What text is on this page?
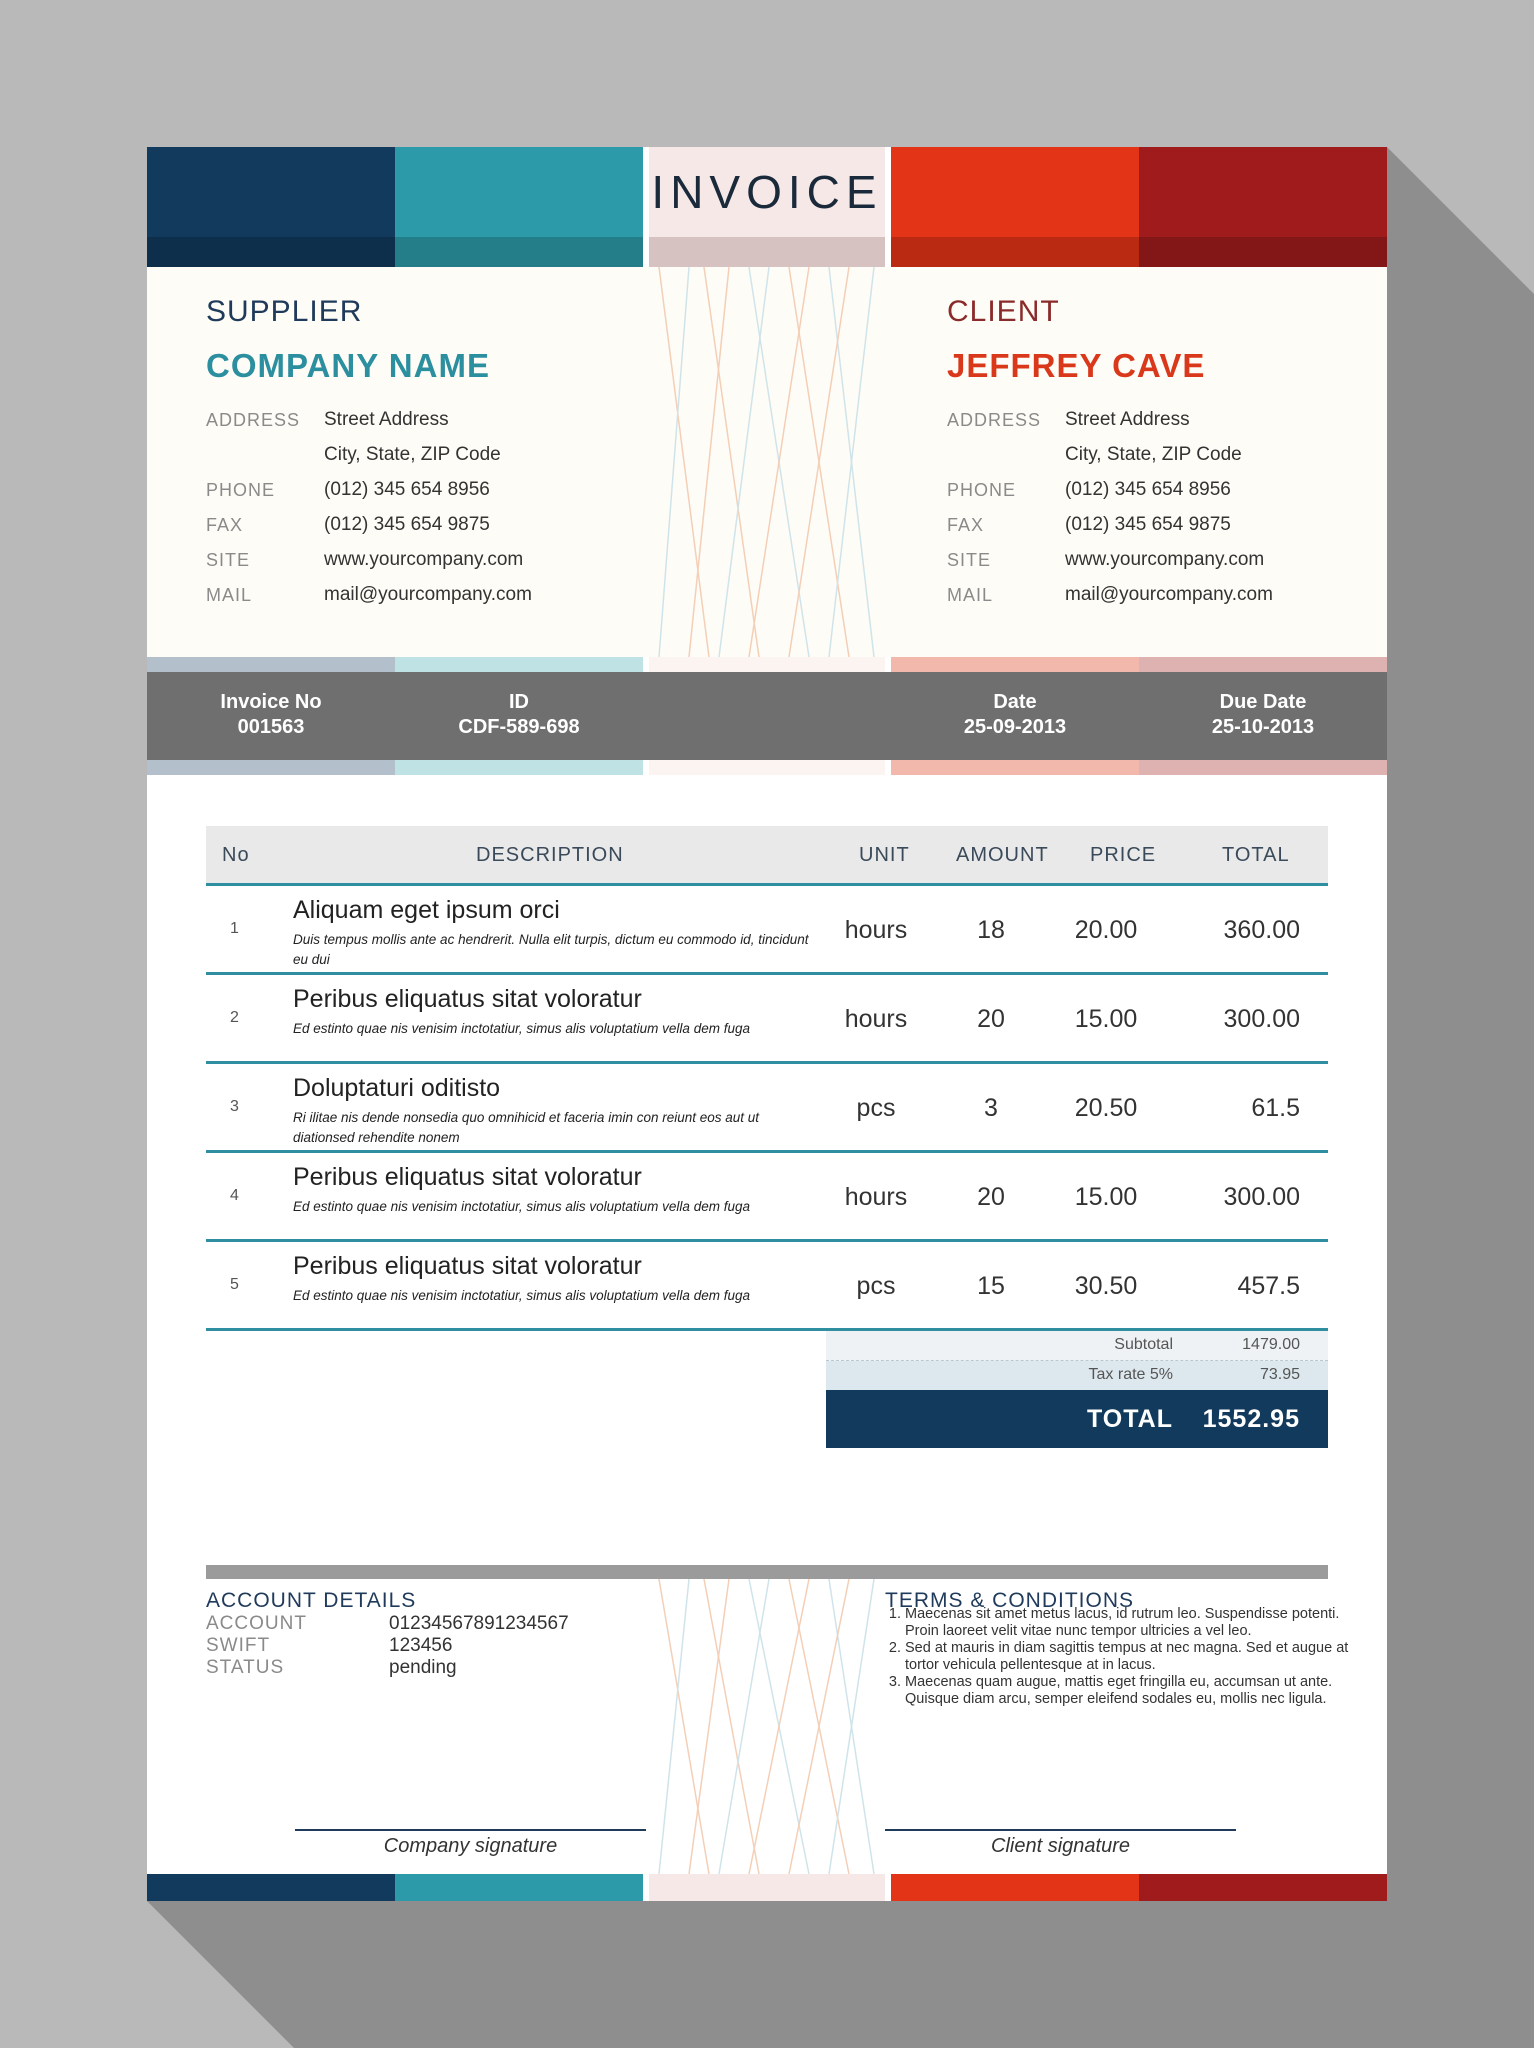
INVOICE
SUPPLIER
COMPANY NAME
ADDRESS Street Address
City, State, ZIP Code
PHONE	(012) 345 654 8956
FAX	(012) 345 654 9875
SITE	www.yourcompany.com
MAIL	mail@yourcompany.com
CLIENT
JEFFREY CAVE
ADDRESS Street Address
City, State, ZIP Code
PHONE	(012) 345 654 8956
FAX	(012) 345 654 9875
SITE	www.yourcompany.com
MAIL	mail@yourcompany.com
Invoice No
001563
ID
CDF-589-698
Date
25-09-2013
Due Date
25-10-2013
No	DESCRIPTION	UNIT AMOUNT PRICE	TOTAL
1
Aliquam eget ipsum orci
Duis tempus mollis ante ac hendrerit. Nulla elit turpis, dictum eu commodo id, tincidunt eu dui
hours	18	20.00	360.00
2
Peribus eliquatus sitat voloratur
Ed estinto quae nis venisim inctotatiur, simus alis voluptatium vella dem fuga	hours	20	15.00	300.00
3
Doluptaturi oditisto
Ri ilitae nis dende nonsedia quo omnihicid et faceria imin con reiunt eos aut ut diationsed rehendite nonem
pcs	3	20.50	61.5
4
Peribus eliquatus sitat voloratur
Ed estinto quae nis venisim inctotatiur, simus alis voluptatium vella dem fuga	hours	20	15.00	300.00
5
Peribus eliquatus sitat voloratur
Ed estinto quae nis venisim inctotatiur, simus alis voluptatium vella dem fuga	pcs	15	30.50	457.5
Subtotal	1479.00
Tax rate 5%	73.95
TOTAL 1552.95
ACCOUNT DETAILS
ACCOUNT	01234567891234567
SWIFT	123456
STATUS	pending
TERMS & CONDITIONS
1. Maecenas sit amet metus lacus, id rutrum leo. Suspendisse potenti. Proin laoreet velit vitae nunc tempor ultricies a vel leo.
2. Sed at mauris in diam sagittis tempus at nec magna. Sed et augue at tortor vehicula pellentesque at in lacus.
3. Maecenas quam augue, mattis eget fringilla eu, accumsan ut ante. Quisque diam arcu, semper eleifend sodales eu, mollis nec ligula.
Company signature	Client signature
